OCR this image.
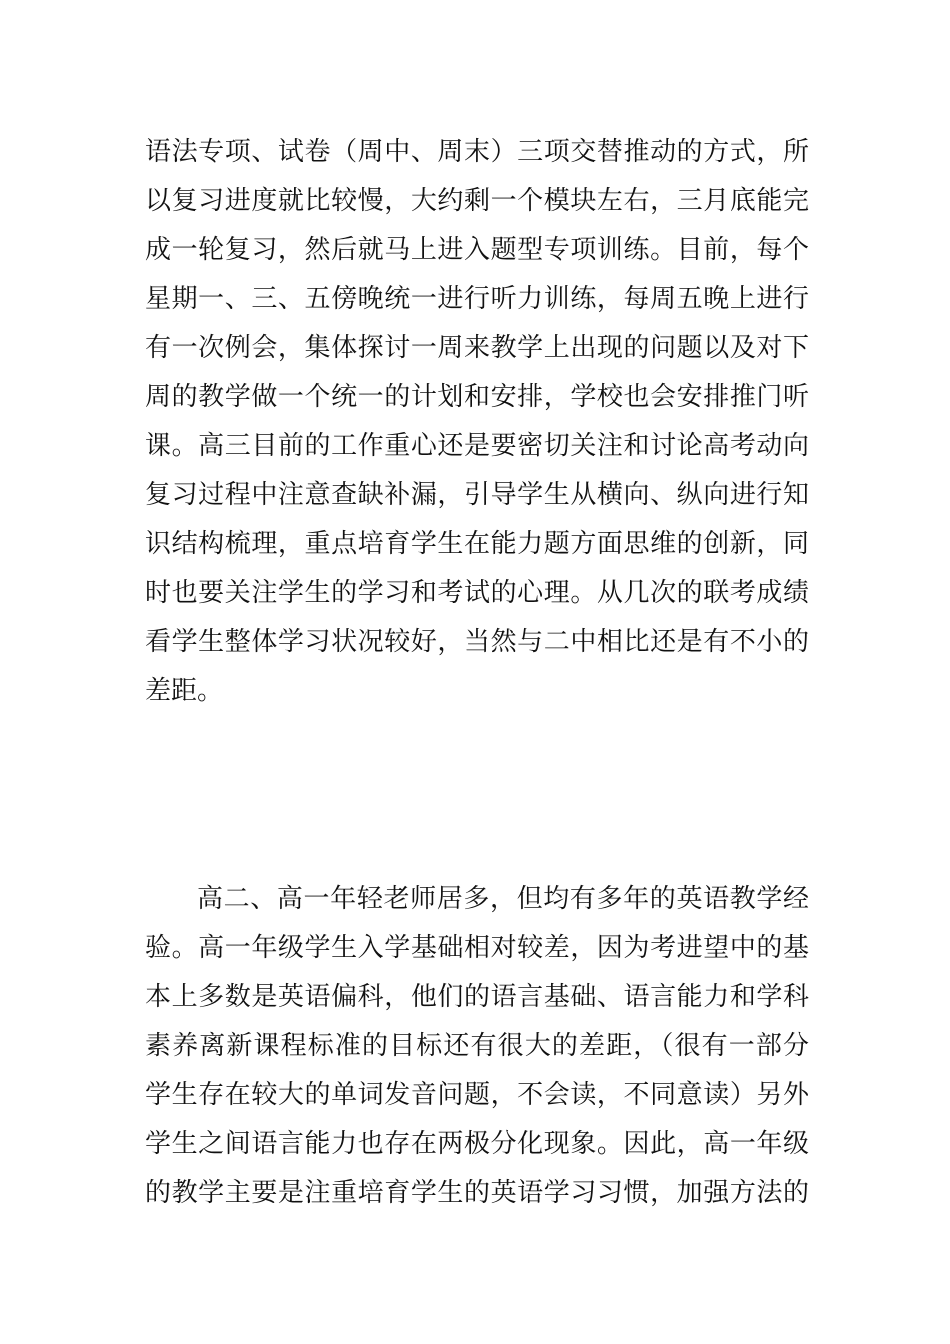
语法专项、试卷（周中、周末）三项交替推动的方式，所
以复习进度就比较慢，大约剩一个模块左右，三月底能完
成一轮复习，然后就马上进入题型专项训练。目前，每个
星期一、三、五傍晚统一进行听力训练，每周五晚上进行
有一次例会，集体探讨一周来教学上出现的问题以及对下
周的教学做一个统一的计划和安排，学校也会安排推门听
课。高三目前的工作重心还是要密切关注和讨论高考动向
复习过程中注意查缺补漏，引导学生从横向、纵向进行知
识结构梳理，重点培育学生在能力题方面思维的创新，同
时也要关注学生的学习和考试的心理。从几次的联考成绩
看学生整体学习状况较好，当然与二中相比还是有不小的
差距。
高二、高一年轻老师居多，但均有多年的英语教学经
验。高一年级学生入学基础相对较差，因为考进望中的基
本上多数是英语偏科，他们的语言基础、语言能力和学科
素养离新课程标准的目标还有很大的差距，（很有一部分
学生存在较大的单词发音问题，不会读，不同意读）另外
学生之间语言能力也存在两极分化现象。因此，高一年级
的教学主要是注重培育学生的英语学习习惯，加强方法的
